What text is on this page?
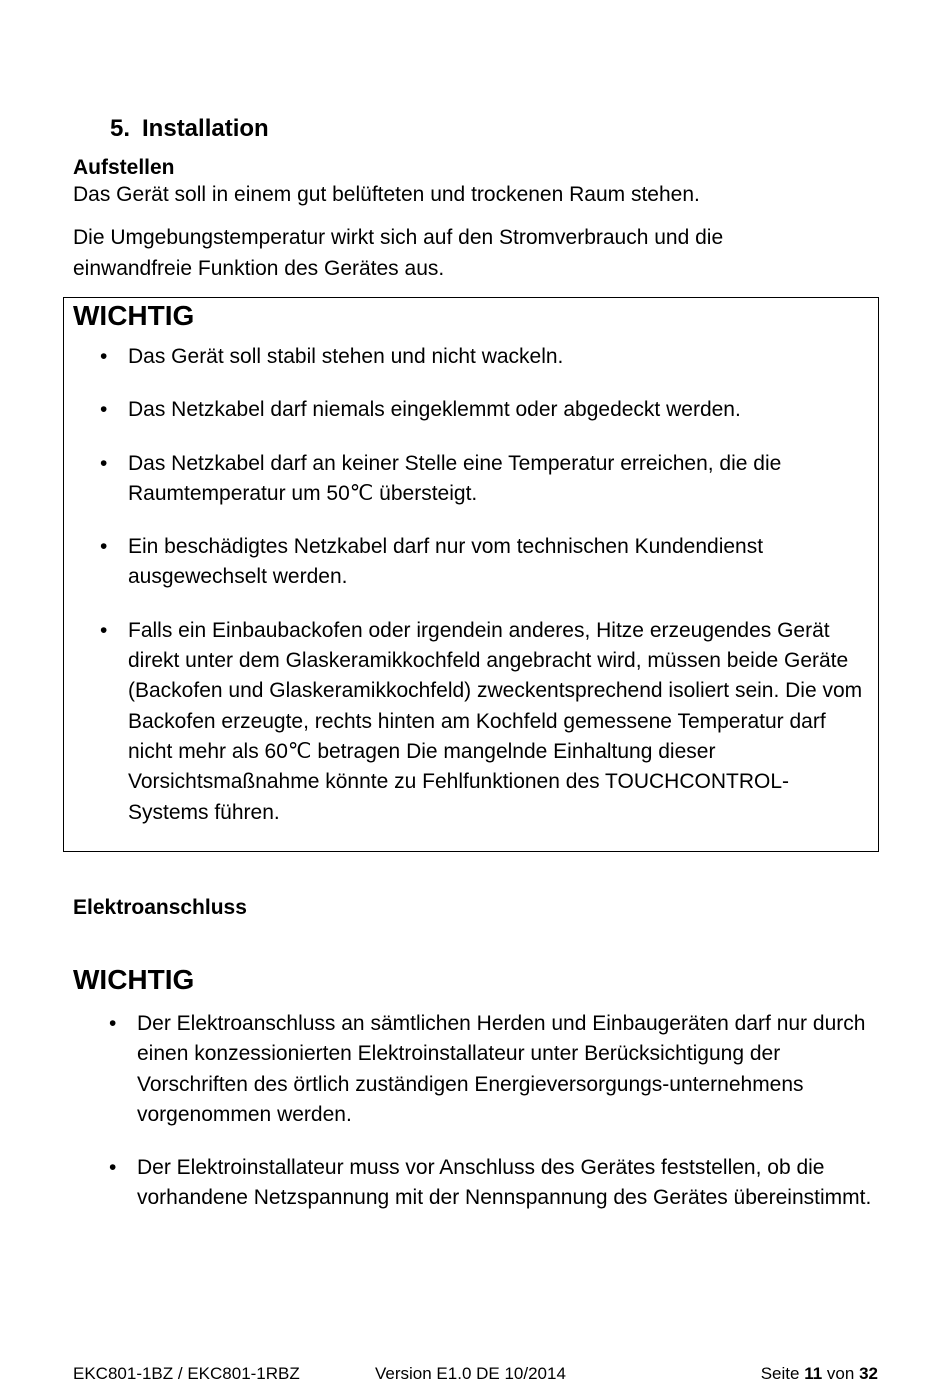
5. Installation
Aufstellen
Das Gerät soll in einem gut belüfteten und trockenen Raum stehen.
Die Umgebungstemperatur wirkt sich auf den Stromverbrauch und die einwandfreie Funktion des Gerätes aus.
WICHTIG
• Das Gerät soll stabil stehen und nicht wackeln.
• Das Netzkabel darf niemals eingeklemmt oder abgedeckt werden.
• Das Netzkabel darf an keiner Stelle eine Temperatur erreichen, die die Raumtemperatur um 50℃ übersteigt.
• Ein beschädigtes Netzkabel darf nur vom technischen Kundendienst ausgewechselt werden.
• Falls ein Einbaubackofen oder irgendein anderes, Hitze erzeugendes Gerät direkt unter dem Glaskeramikkochfeld angebracht wird, müssen beide Geräte (Backofen und Glaskeramikkochfeld) zweckentsprechend isoliert sein. Die vom Backofen erzeugte, rechts hinten am Kochfeld gemessene Temperatur darf nicht mehr als 60℃ betragen Die mangelnde Einhaltung dieser Vorsichtsmaßnahme könnte zu Fehlfunktionen des TOUCHCONTROL-Systems führen.
Elektroanschluss
WICHTIG
• Der Elektroanschluss an sämtlichen Herden und Einbaugeräten darf nur durch einen konzessionierten Elektroinstallateur unter Berücksichtigung der Vorschriften des örtlich zuständigen Energieversorgungs-unternehmens vorgenommen werden.
• Der Elektroinstallateur muss vor Anschluss des Gerätes feststellen, ob die vorhandene Netzspannung mit der Nennspannung des Gerätes übereinstimmt.
EKC801-1BZ / EKC801-1RBZ	Version E1.0 DE 10/2014	Seite 11 von 32
